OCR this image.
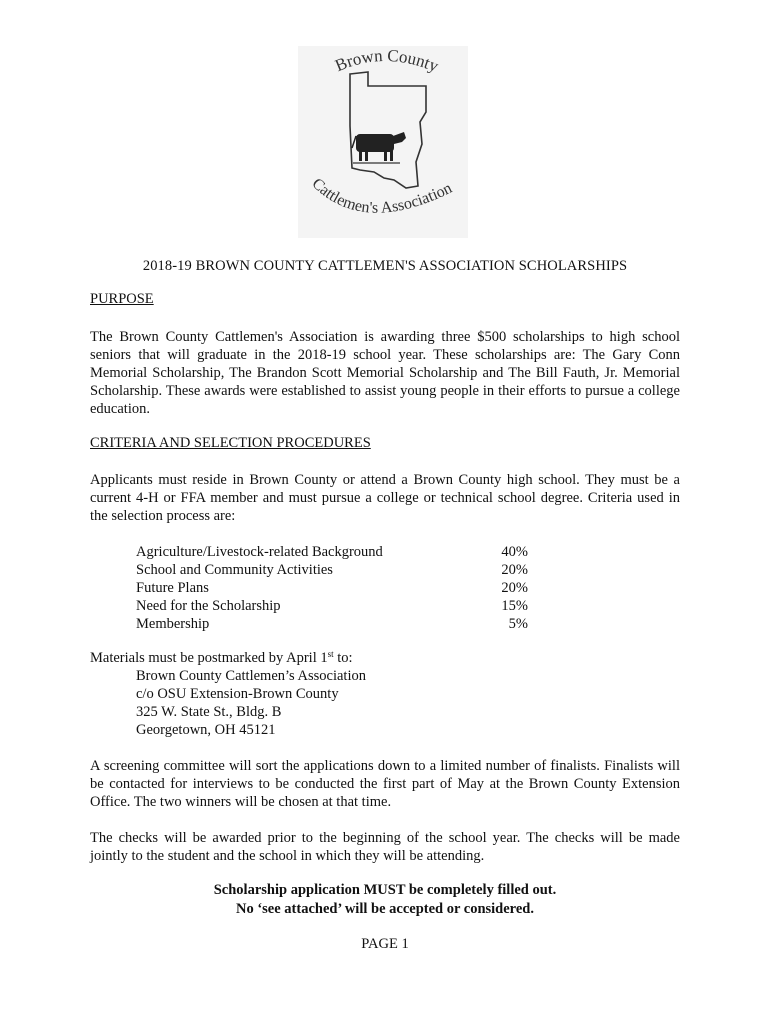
Brown County
Cattlemen's Association
2018-19 BROWN COUNTY CATTLEMEN'S ASSOCIATION SCHOLARSHIPS
PURPOSE
The Brown County Cattlemen's Association is awarding three $500 scholarships to high school seniors that will graduate in the 2018-19 school year. These scholarships are: The Gary Conn Memorial Scholarship, The Brandon Scott Memorial Scholarship and The Bill Fauth, Jr. Memorial Scholarship. These awards were established to assist young people in their efforts to pursue a college education.
CRITERIA AND SELECTION PROCEDURES
Applicants must reside in Brown County or attend a Brown County high school. They must be a current 4-H or FFA member and must pursue a college or technical school degree. Criteria used in the selection process are:
Agriculture/Livestock-related Background	40%
School and Community Activities	20%
Future Plans	20%
Need for the Scholarship	15%
Membership	5%
Materials must be postmarked by April 1st to:
Brown County Cattlemen’s Association
c/o OSU Extension-Brown County
325 W. State St., Bldg. B
Georgetown, OH 45121
A screening committee will sort the applications down to a limited number of finalists. Finalists will be contacted for interviews to be conducted the first part of May at the Brown County Extension Office. The two winners will be chosen at that time.
The checks will be awarded prior to the beginning of the school year. The checks will be made jointly to the student and the school in which they will be attending.
Scholarship application MUST be completely filled out.
No ‘see attached’ will be accepted or considered.
PAGE 1
